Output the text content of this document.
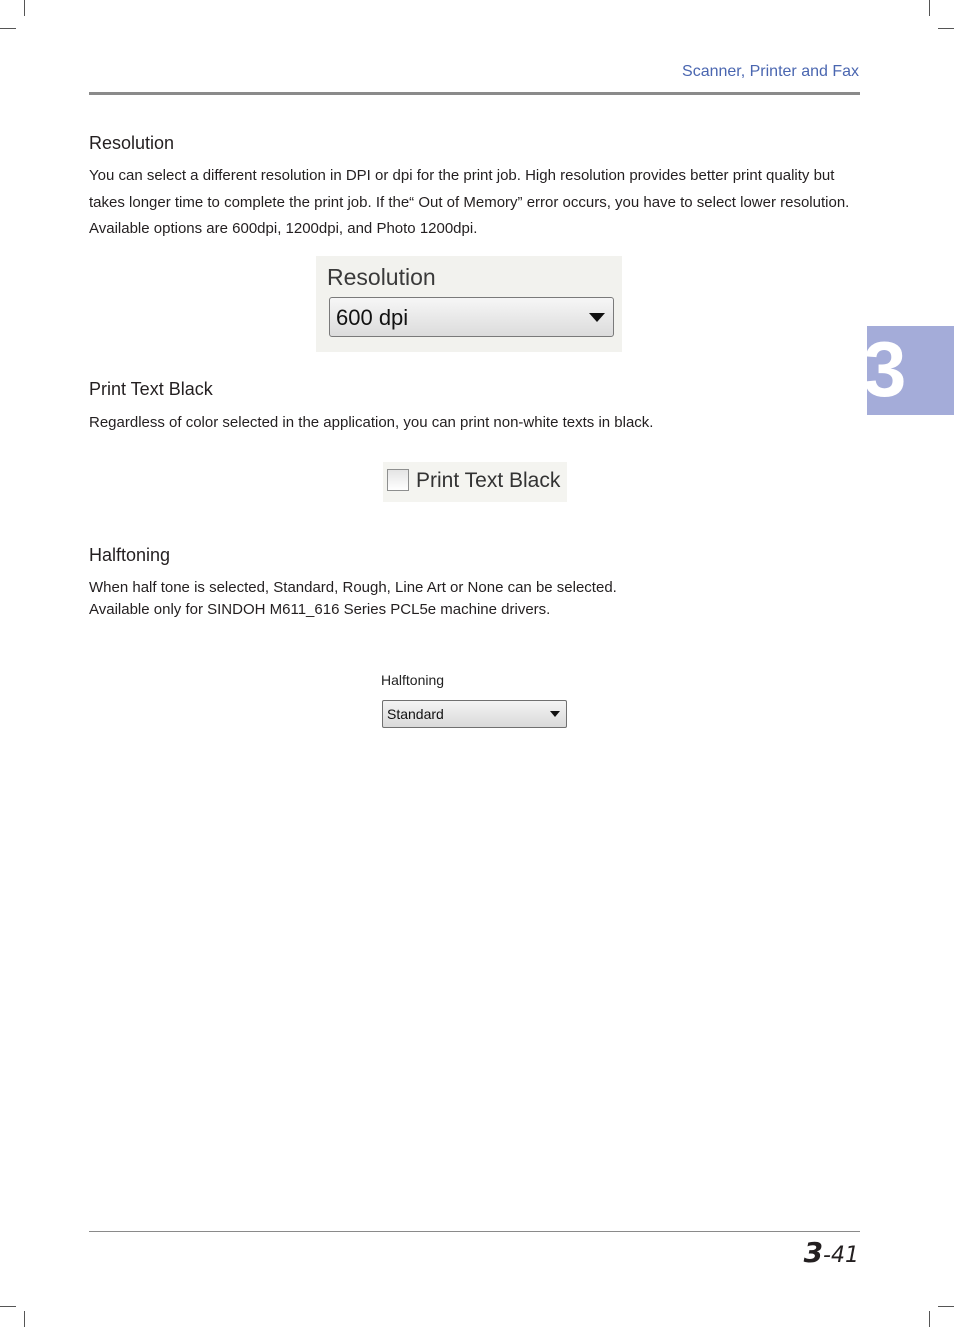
Scanner, Printer and Fax
3
Resolution
You can select a different resolution in DPI or dpi for the print job. High resolution provides better print quality but takes longer time to complete the print job. If the“ Out of Memory” error occurs, you have to select lower resolution. Available options are 600dpi, 1200dpi, and Photo 1200dpi.
Resolution
600 dpi
Print Text Black
Regardless of color selected in the application, you can print non-white texts in black.
Print Text Black
Halftoning
When half tone is selected, Standard, Rough, Line Art or None can be selected.
Available only for SINDOH M611_616 Series PCL5e machine drivers.
Halftoning
Standard
3-41
